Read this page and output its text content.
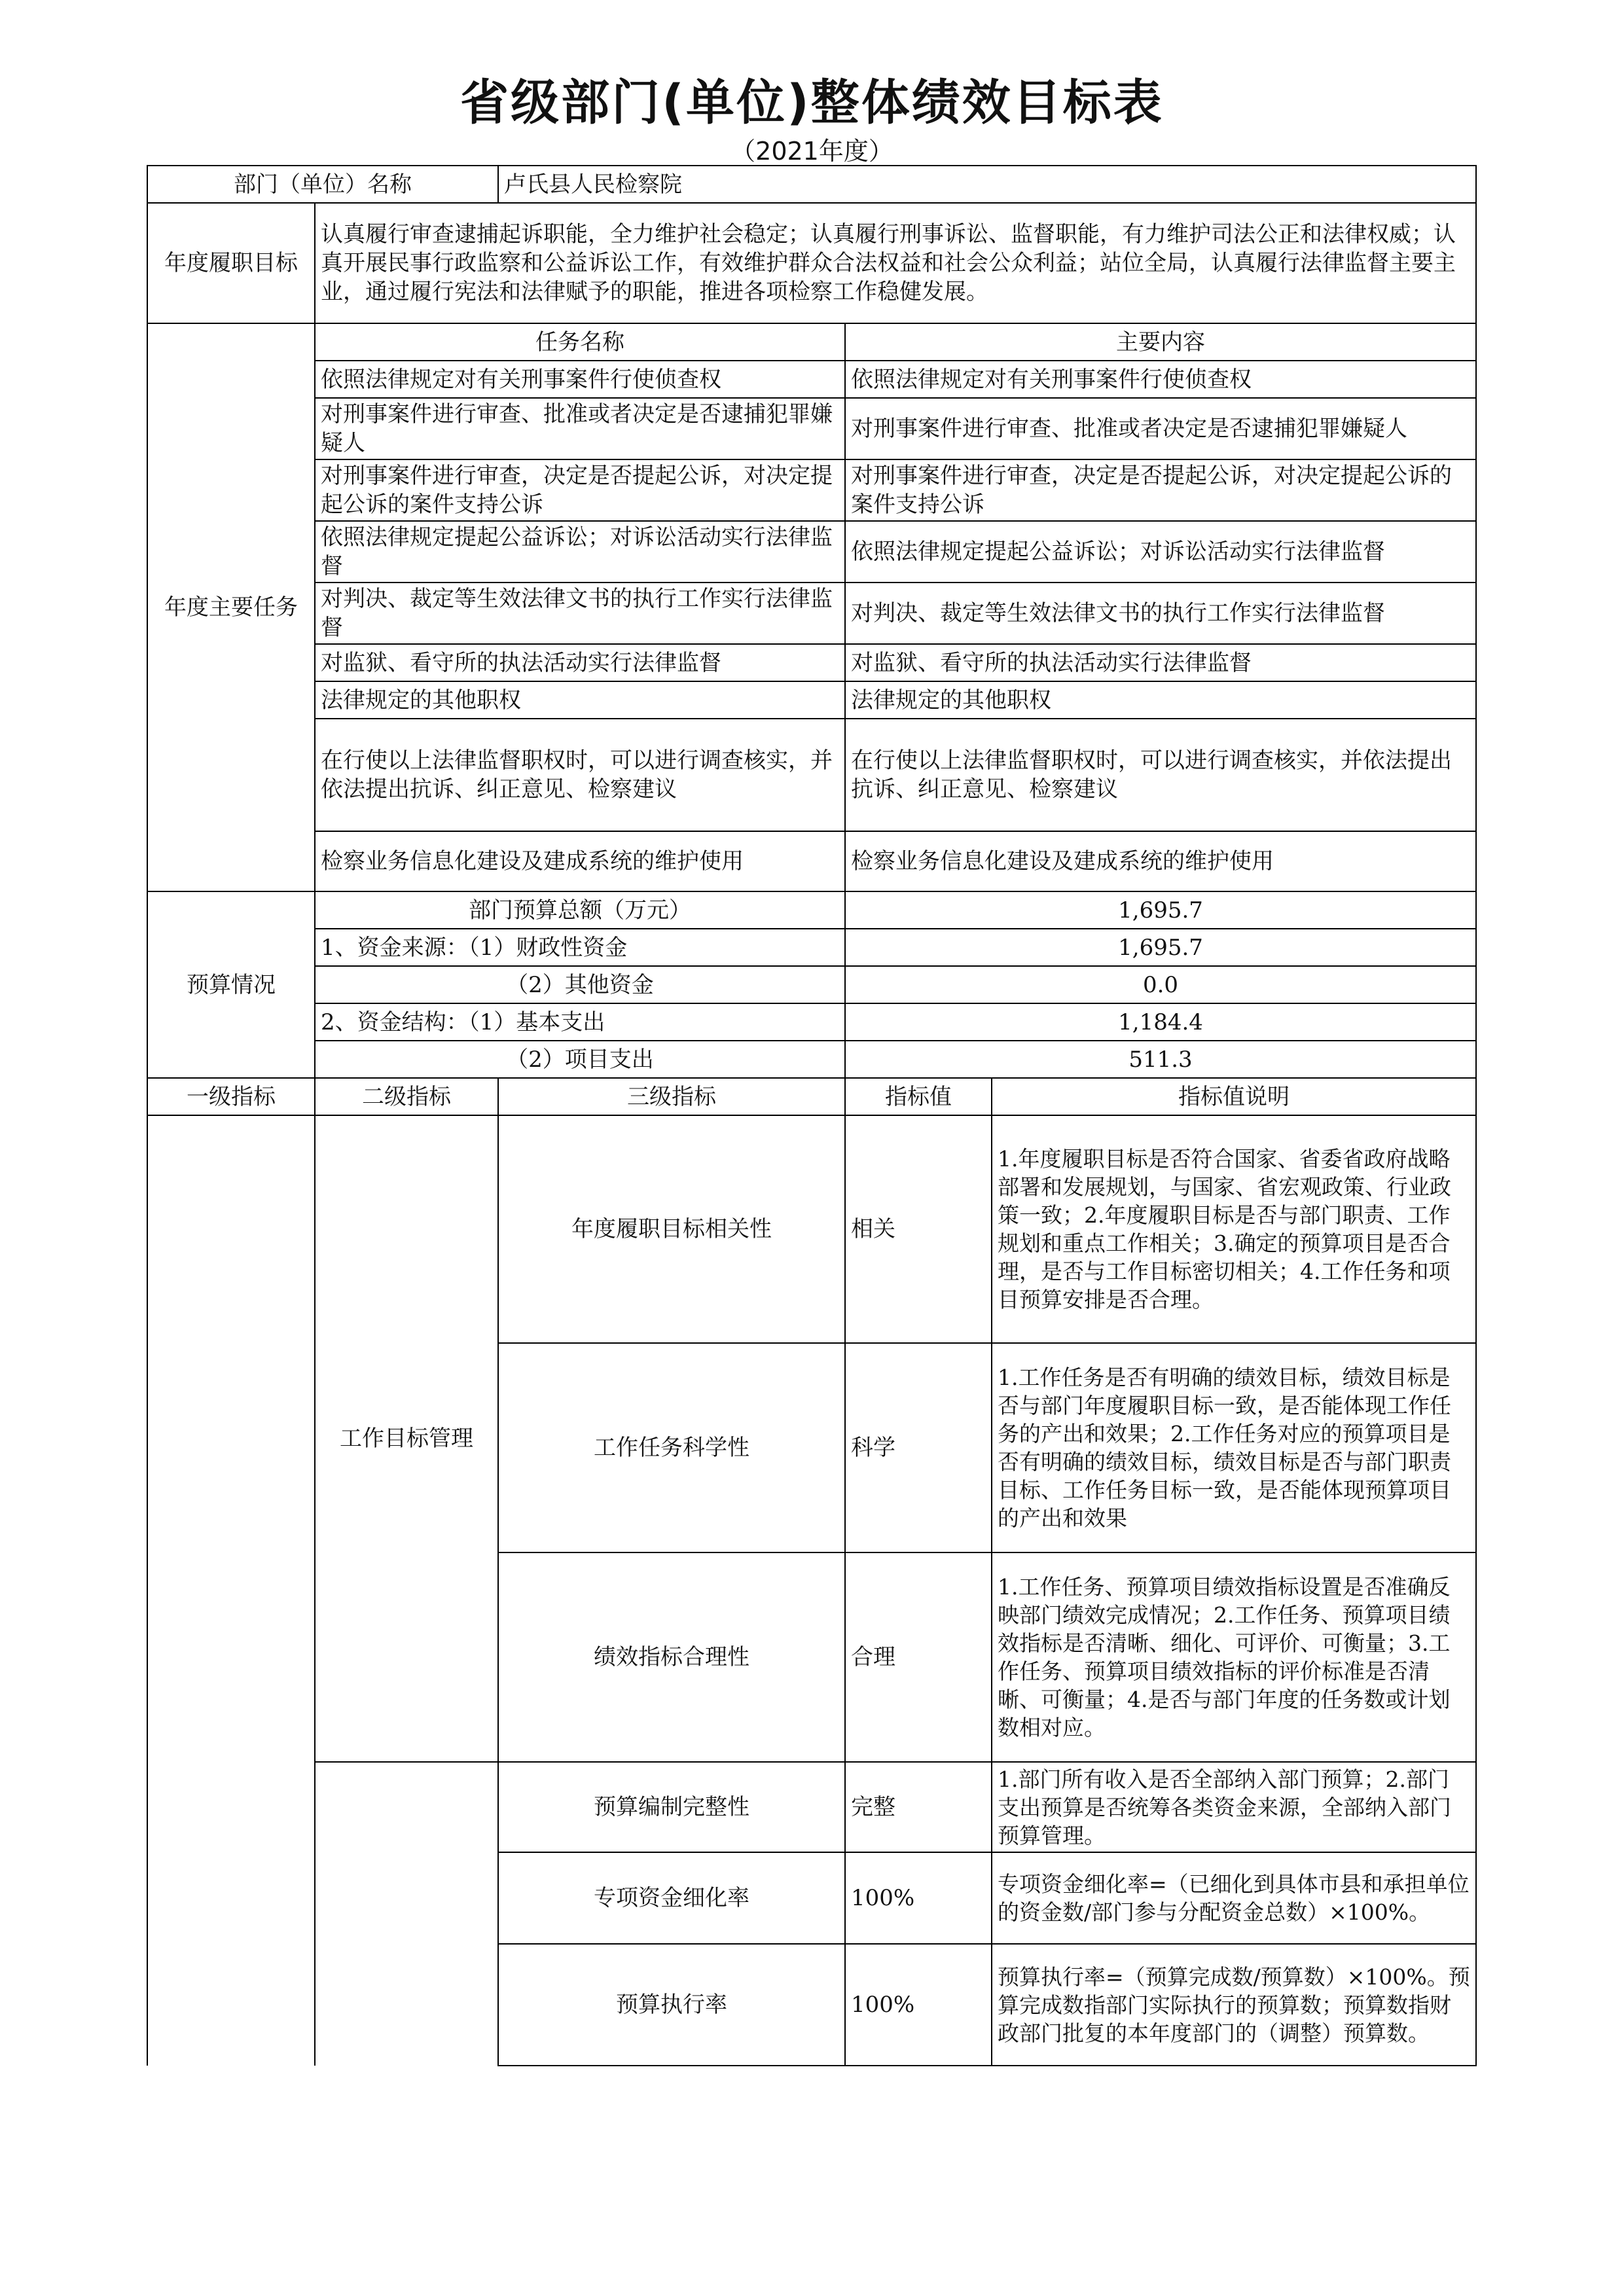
省级部门(单位)整体绩效目标表
（2021年度）
部门（单位）名称		卢氏县人民检察院		
年度履职目标	认真履行审查逮捕起诉职能，全力维护社会稳定；认真履行刑事诉讼、监督职能，有力维护司法公正和法律权威；认真开展民事行政监察和公益诉讼工作，有效维护群众合法权益和社会公众利益；站位全局，认真履行法律监督主要主业，通过履行宪法和法律赋予的职能，推进各项检察工作稳健发展。			
年度主要任务	任务名称		主要内容	
	依照法律规定对有关刑事案件行使侦查权		依照法律规定对有关刑事案件行使侦查权	
	对刑事案件进行审查、批准或者决定是否逮捕犯罪嫌疑人		对刑事案件进行审查、批准或者决定是否逮捕犯罪嫌疑人	
	对刑事案件进行审查，决定是否提起公诉，对决定提起公诉的案件支持公诉		对刑事案件进行审查，决定是否提起公诉，对决定提起公诉的案件支持公诉	
	依照法律规定提起公益诉讼；对诉讼活动实行法律监督		依照法律规定提起公益诉讼；对诉讼活动实行法律监督	
	对判决、裁定等生效法律文书的执行工作实行法律监督		对判决、裁定等生效法律文书的执行工作实行法律监督	
	对监狱、看守所的执法活动实行法律监督		对监狱、看守所的执法活动实行法律监督	
	法律规定的其他职权		法律规定的其他职权	
	在行使以上法律监督职权时，可以进行调查核实，并依法提出抗诉、纠正意见、检察建议		在行使以上法律监督职权时，可以进行调查核实，并依法提出抗诉、纠正意见、检察建议	
	检察业务信息化建设及建成系统的维护使用		检察业务信息化建设及建成系统的维护使用	
预算情况	部门预算总额（万元）		1,695.7	
	1、资金来源：（1）财政性资金		1,695.7	
	（2）其他资金		0.0	
	2、资金结构：（1）基本支出		1,184.4	
	（2）项目支出		511.3	
一级指标	二级指标	三级指标	指标值	指标值说明
	工作目标管理	年度履职目标相关性	相关	1.年度履职目标是否符合国家、省委省政府战略部署和发展规划，与国家、省宏观政策、行业政策一致；2.年度履职目标是否与部门职责、工作规划和重点工作相关；3.确定的预算项目是否合理，是否与工作目标密切相关；4.工作任务和项目预算安排是否合理。
		工作任务科学性	科学	1.工作任务是否有明确的绩效目标，绩效目标是否与部门年度履职目标一致，是否能体现工作任务的产出和效果；2.工作任务对应的预算项目是否有明确的绩效目标，绩效目标是否与部门职责目标、工作任务目标一致，是否能体现预算项目的产出和效果
		绩效指标合理性	合理	1.工作任务、预算项目绩效指标设置是否准确反映部门绩效完成情况；2.工作任务、预算项目绩效指标是否清晰、细化、可评价、可衡量；3.工作任务、预算项目绩效指标的评价标准是否清晰、可衡量；4.是否与部门年度的任务数或计划数相对应。
		预算编制完整性	完整	1.部门所有收入是否全部纳入部门预算；2.部门支出预算是否统筹各类资金来源，全部纳入部门预算管理。
		专项资金细化率	100%	专项资金细化率=（已细化到具体市县和承担单位的资金数/部门参与分配资金总数）×100%。
		预算执行率	100%	预算执行率=（预算完成数/预算数）×100%。预算完成数指部门实际执行的预算数；预算数指财政部门批复的本年度部门的（调整）预算数。
